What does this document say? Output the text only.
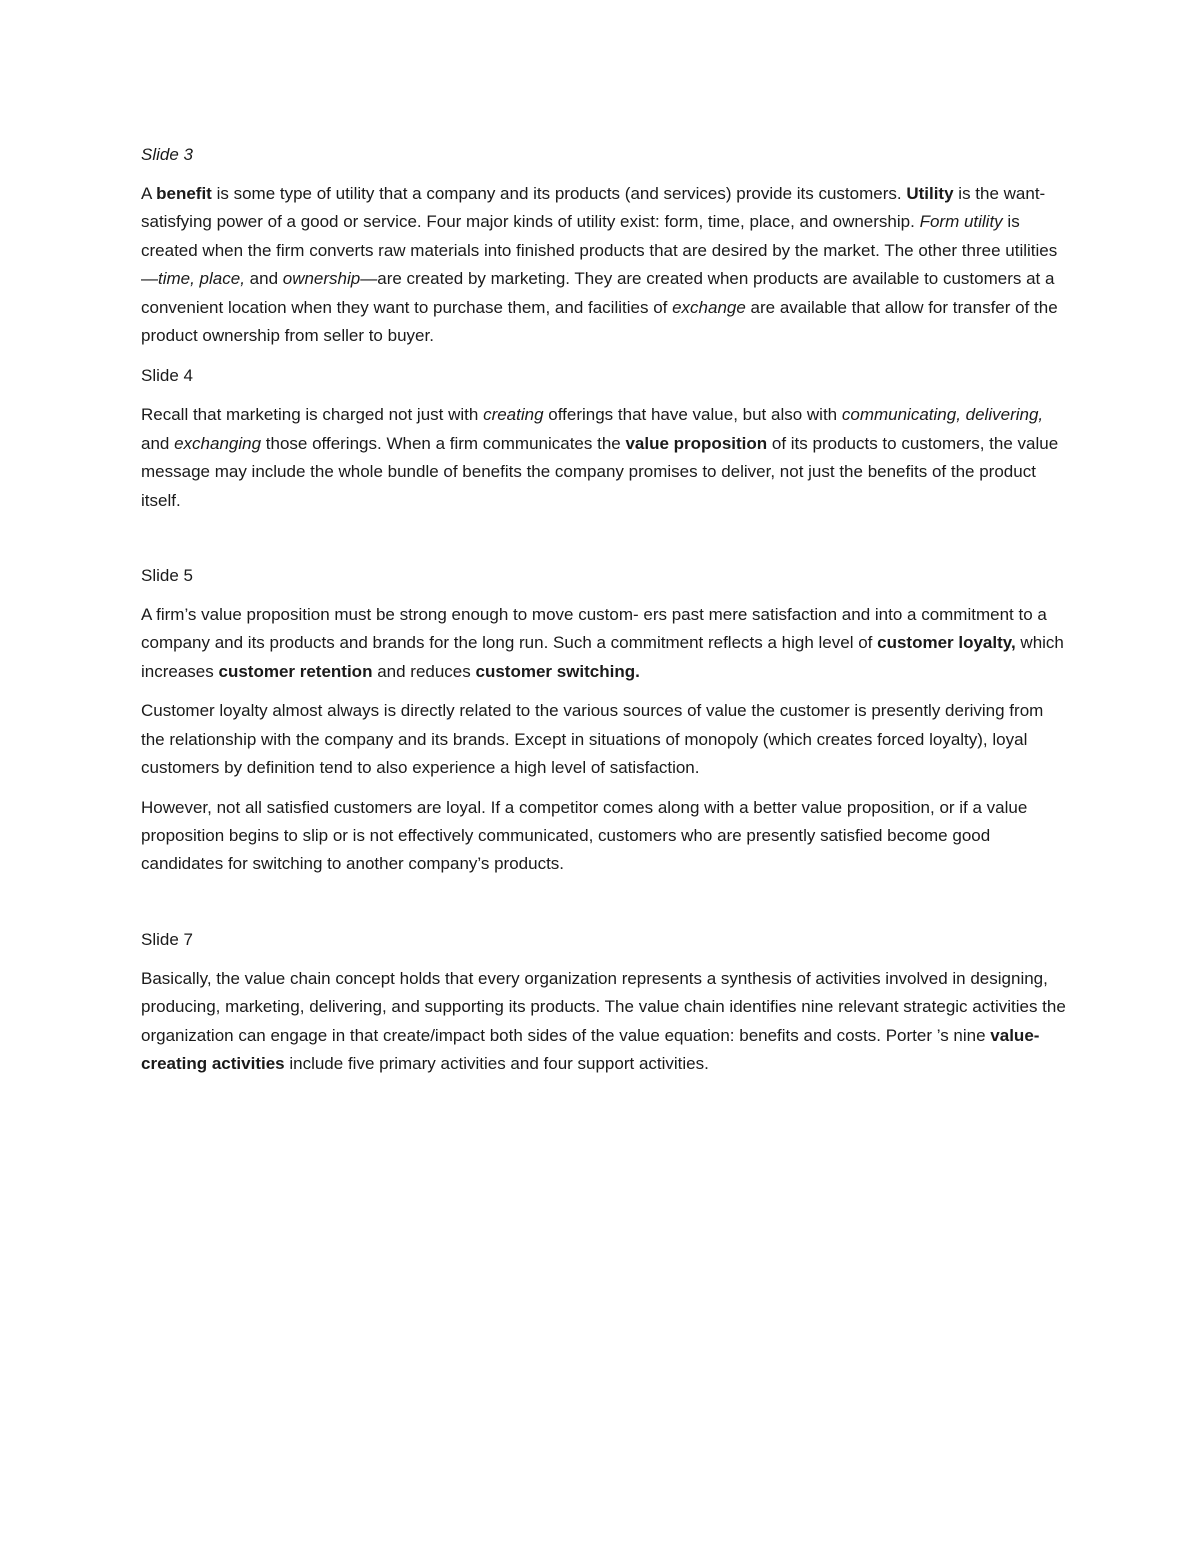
Slide 3

A benefit is some type of utility that a company and its products (and services) provide its customers. Utility is the want-satisfying power of a good or service. Four major kinds of utility exist: form, time, place, and ownership. Form utility is created when the firm converts raw materials into finished products that are desired by the market. The other three utilities—time, place, and ownership—are created by marketing. They are created when products are available to customers at a convenient location when they want to purchase them, and facilities of exchange are available that allow for transfer of the product ownership from seller to buyer.

Slide 4

Recall that marketing is charged not just with creating offerings that have value, but also with communicating, delivering, and exchanging those offerings. When a firm communicates the value proposition of its products to customers, the value message may include the whole bundle of benefits the company promises to deliver, not just the benefits of the product itself.

Slide 5

A firm’s value proposition must be strong enough to move custom- ers past mere satisfaction and into a commitment to a company and its products and brands for the long run. Such a commitment reflects a high level of customer loyalty, which increases customer retention and reduces customer switching.

Customer loyalty almost always is directly related to the various sources of value the customer is presently deriving from the relationship with the company and its brands. Except in situations of monopoly (which creates forced loyalty), loyal customers by definition tend to also experience a high level of satisfaction.

However, not all satisfied customers are loyal. If a competitor comes along with a better value proposition, or if a value proposition begins to slip or is not effectively communicated, customers who are presently satisfied become good candidates for switching to another company’s products.

Slide 7

Basically, the value chain concept holds that every organization represents a synthesis of activities involved in designing, producing, marketing, delivering, and supporting its products. The value chain identifies nine relevant strategic activities the organization can engage in that create/impact both sides of the value equation: benefits and costs. Porter ’s nine value-creating activities include five primary activities and four support activities.
